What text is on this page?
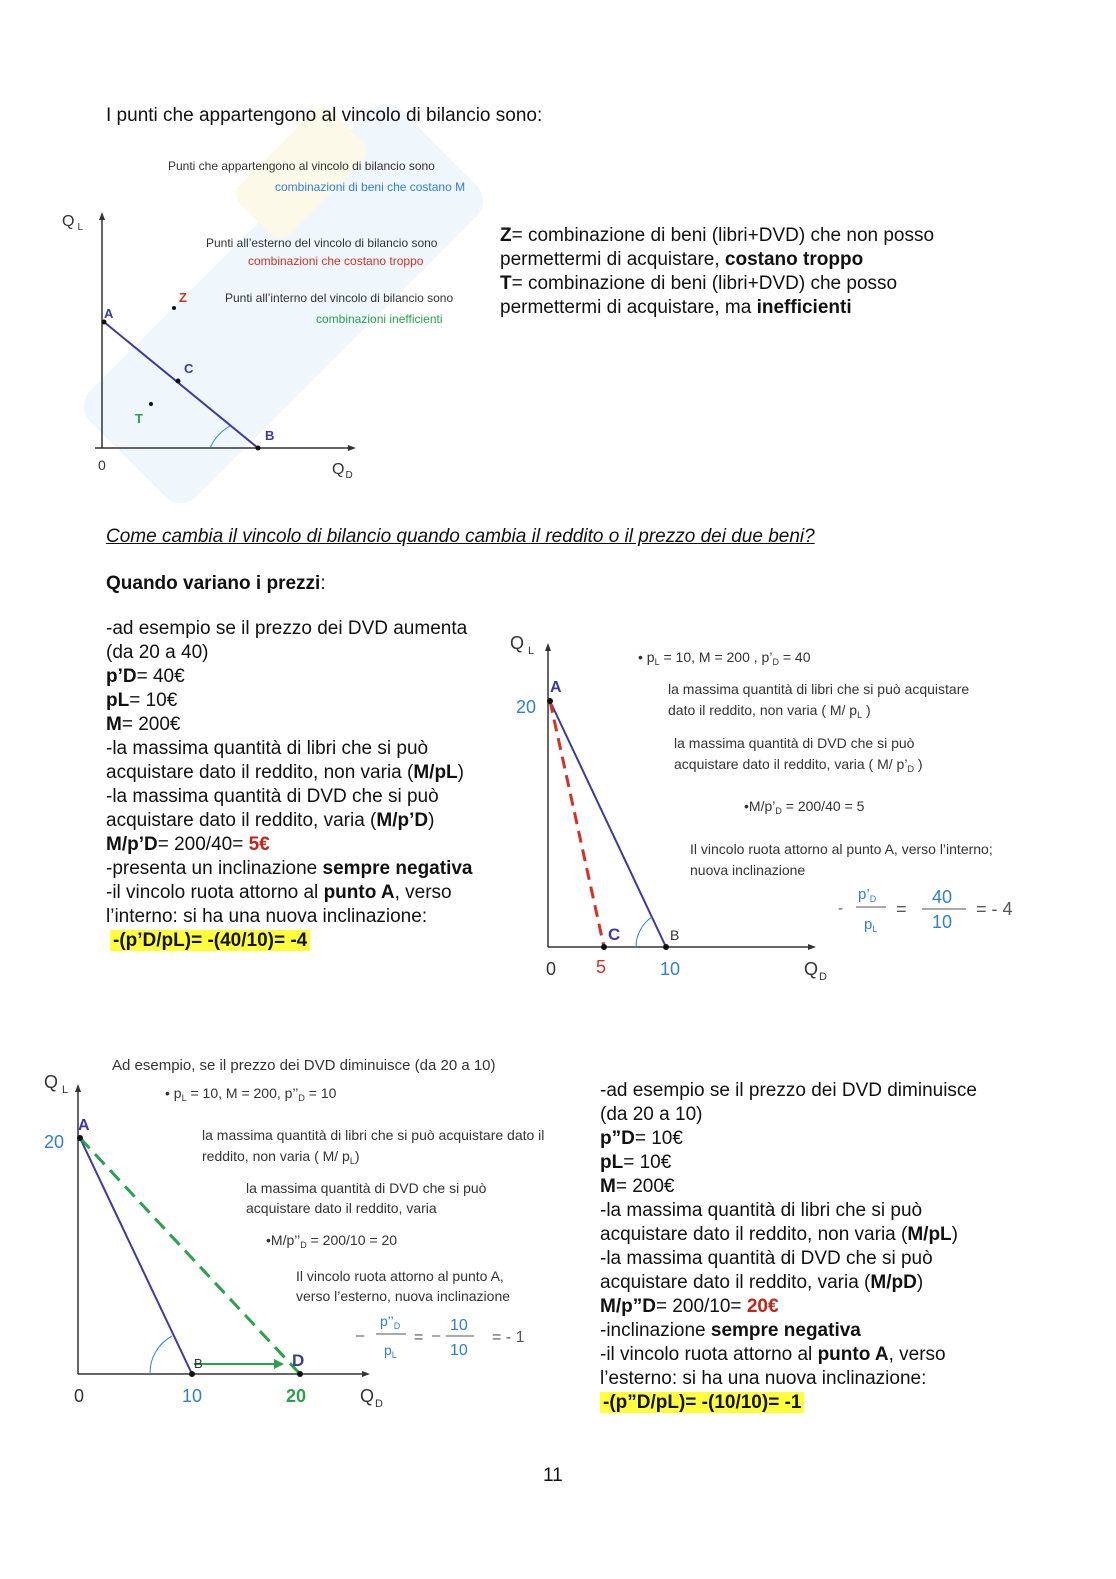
I punti che appartengono al vincolo di bilancio sono:
Punti che appartengono al vincolo di bilancio sono
combinazioni di beni che costano M
Punti all’esterno del vincolo di bilancio sono
combinazioni che costano troppo
Punti all’interno del vincolo di bilancio sono
combinazioni inefficienti
Q $_L$
$Q_D$
0
A
B
C
Z
T
Z= combinazione di beni (libri+DVD) che non posso permettermi di acquistare, costano troppo
T= combinazione di beni (libri+DVD) che posso permettermi di acquistare, ma inefficienti
Come cambia il vincolo di bilancio quando cambia il reddito o il prezzo dei due beni?
Quando variano i prezzi:
-ad esempio se il prezzo dei DVD aumenta (da 20 a 40)
p’D= 40€
pL= 10€
M= 200€
-la massima quantità di libri che si può acquistare dato il reddito, non varia (M/pL)
-la massima quantità di DVD che si può acquistare dato il reddito, varia (M/p’D)
M/p’D= 200/40= 5€
-presenta un inclinazione sempre negativa
-il vincolo ruota attorno al punto A, verso l’interno: si ha una nuova inclinazione:
-(p’D/pL)= -(40/10)= -4
Q $_L$	• $p_L = 10$, M = 200 , $p’_D = 40$
la massima quantità di libri che si può acquistare
dato il reddito, non varia ( M/ $p_L$ )
la massima quantità di DVD che si può
acquistare dato il reddito, varia ( M/ $p’_D$ )
$•M/p’_D = 200/40 = 5$
Il vincolo ruota attorno al punto A, verso l’interno;
nuova inclinazione
-
$p’_D$
$p_L$
=
40
10
= - 4
$Q_D$
20
0 5	10
A
B
C
Ad esempio, se il prezzo dei DVD diminuisce (da 20 a 10)
Q $_L$	• $p_L = 10$, M = 200, $p’’_D = 10$
la massima quantità di libri che si può acquistare dato il
reddito, non varia ( M/ $p_L$)
la massima quantità di DVD che si può
acquistare dato il reddito, varia
$•M/p’’_D = 200/10 = 20$
Il vincolo ruota attorno al punto A,
verso l’esterno, nuova inclinazione
–
$p’’_D$
$p_L$
= –
10
10
= - 1
$Q_D$
20
0	10	20
A
B	D
-ad esempio se il prezzo dei DVD diminuisce (da 20 a 10)
p”D= 10€
pL= 10€
M= 200€
-la massima quantità di libri che si può acquistare dato il reddito, non varia (M/pL)
-la massima quantità di DVD che si può acquistare dato il reddito, varia (M/pD)
M/p”D= 200/10= 20€
-inclinazione sempre negativa
-il vincolo ruota attorno al punto A, verso l’esterno: si ha una nuova inclinazione:
-(p”D/pL)= -(10/10)= -1
11
